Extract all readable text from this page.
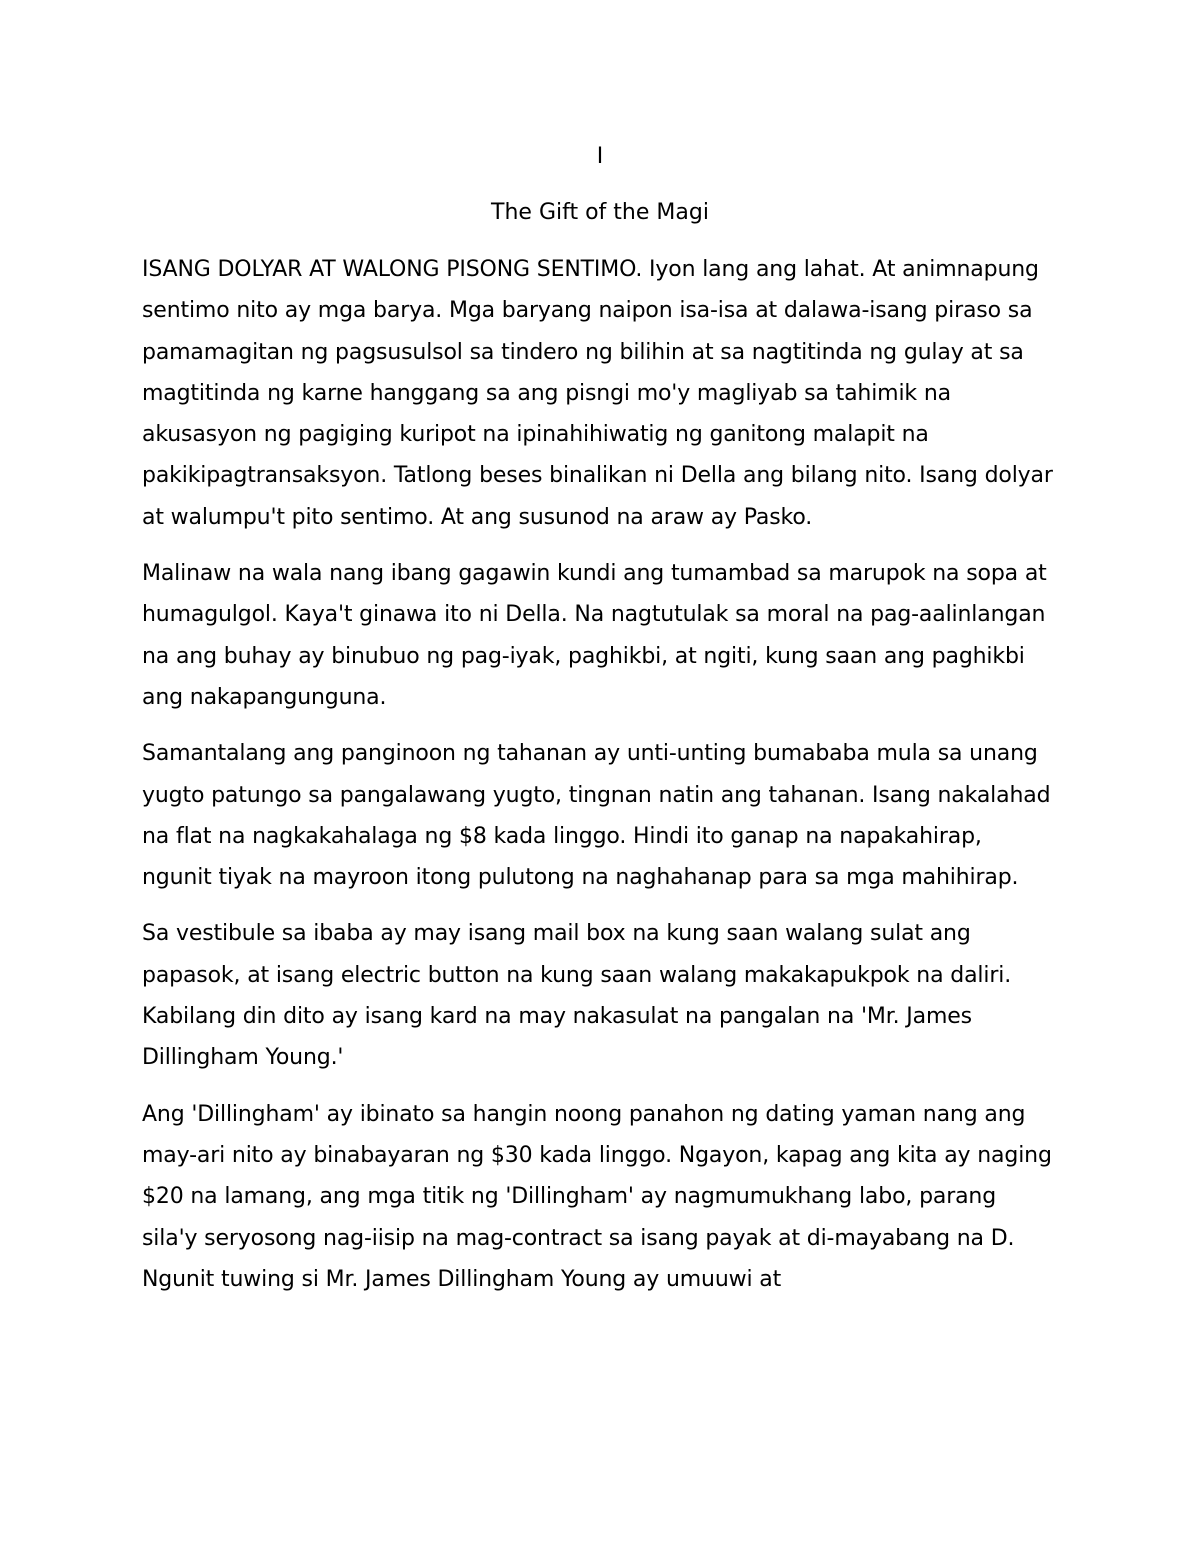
I
The Gift of the Magi

ISANG DOLYAR AT WALONG PISONG SENTIMO. Iyon lang ang lahat. At animnapung sentimo nito ay mga barya. Mga baryang naipon isa-isa at dalawa-isang piraso sa pamamagitan ng pagsusulsol sa tindero ng bilihin at sa nagtitinda ng gulay at sa magtitinda ng karne hanggang sa ang pisngi mo'y magliyab sa tahimik na akusasyon ng pagiging kuripot na ipinahihiwatig ng ganitong malapit na pakikipagtransaksyon. Tatlong beses binalikan ni Della ang bilang nito. Isang dolyar at walumpu't pito sentimo. At ang susunod na araw ay Pasko.

Malinaw na wala nang ibang gagawin kundi ang tumambad sa marupok na sopa at humagulgol. Kaya't ginawa ito ni Della. Na nagtutulak sa moral na pag-aalinlangan na ang buhay ay binubuo ng pag-iyak, paghikbi, at ngiti, kung saan ang paghikbi ang nakapangunguna.

Samantalang ang panginoon ng tahanan ay unti-unting bumababa mula sa unang yugto patungo sa pangalawang yugto, tingnan natin ang tahanan. Isang nakalahad na flat na nagkakahalaga ng $8 kada linggo. Hindi ito ganap na napakahirap, ngunit tiyak na mayroon itong pulutong na naghahanap para sa mga mahihirap.

Sa vestibule sa ibaba ay may isang mail box na kung saan walang sulat ang papasok, at isang electric button na kung saan walang makakapukpok na daliri. Kabilang din dito ay isang kard na may nakasulat na pangalan na 'Mr. James Dillingham Young.'

Ang 'Dillingham' ay ibinato sa hangin noong panahon ng dating yaman nang ang may-ari nito ay binabayaran ng $30 kada linggo. Ngayon, kapag ang kita ay naging $20 na lamang, ang mga titik ng 'Dillingham' ay nagmumukhang labo, parang sila'y seryosong nag-iisip na mag-contract sa isang payak at di-mayabang na D. Ngunit tuwing si Mr. James Dillingham Young ay umuuwi at
